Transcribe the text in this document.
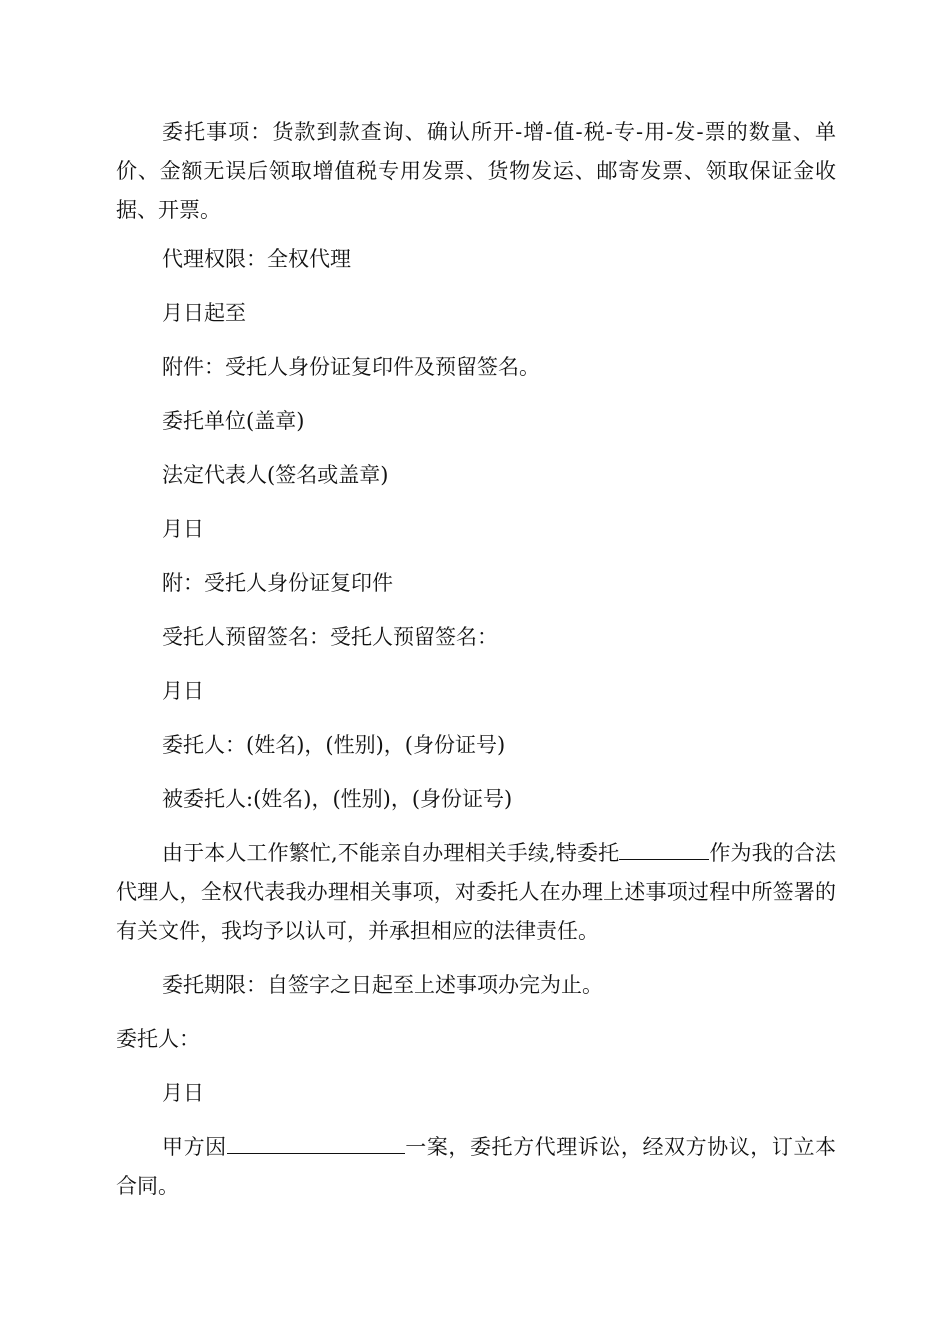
委托事项：货款到款查询、确认所开-增-值-税-专-用-发-票的数量、单价、金额无误后领取增值税专用发票、货物发运、邮寄发票、领取保证金收据、开票。

代理权限：全权代理

月日起至

附件：受托人身份证复印件及预留签名。

委托单位(盖章)

法定代表人(签名或盖章)

月日

附：受托人身份证复印件

受托人预留签名：受托人预留签名：

月日

委托人：(姓名)，(性别)，(身份证号)

被委托人:(姓名)，(性别)，(身份证号)

由于本人工作繁忙,不能亲自办理相关手续,特委托	作为我的合法代理人，全权代表我办理相关事项，对委托人在办理上述事项过程中所签署的有关文件，我均予以认可，并承担相应的法律责任。

委托期限：自签字之日起至上述事项办完为止。

委托人：

月日

甲方因	一案，委托方代理诉讼，经双方协议，订立本合同。
